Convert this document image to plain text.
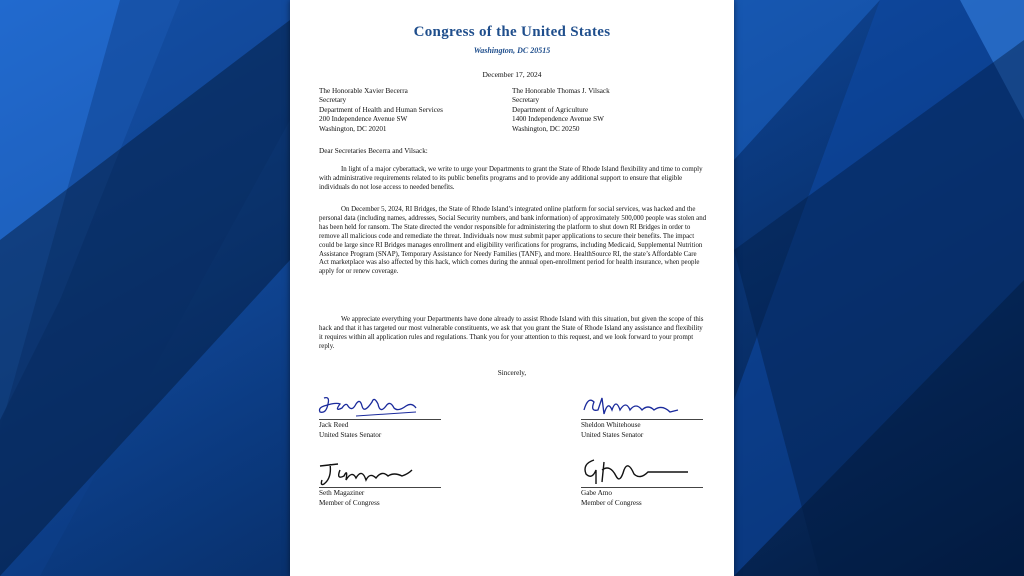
Congress of the United States
Washington, DC 20515
December 17, 2024
The Honorable Xavier Becerra
Secretary
Department of Health and Human Services
200 Independence Avenue SW
Washington, DC 20201
The Honorable Thomas J. Vilsack
Secretary
Department of Agriculture
1400 Independence Avenue SW
Washington, DC 20250
Dear Secretaries Becerra and Vilsack:

In light of a major cyberattack, we write to urge your Departments to grant the State of Rhode Island flexibility and time to comply with administrative requirements related to its public benefits programs and to provide any additional support to ensure that eligible individuals do not lose access to needed benefits.

On December 5, 2024, RI Bridges, the State of Rhode Island’s integrated online platform for social services, was hacked and the personal data (including names, addresses, Social Security numbers, and bank information) of approximately 500,000 people was stolen and has been held for ransom. The State directed the vendor responsible for administering the platform to shut down RI Bridges in order to remove all malicious code and remediate the threat. Individuals now must submit paper applications to secure their benefits. The impact could be large since RI Bridges manages enrollment and eligibility verifications for programs, including Medicaid, Supplemental Nutrition Assistance Program (SNAP), Temporary Assistance for Needy Families (TANF), and more. HealthSource RI, the state’s Affordable Care Act marketplace was also affected by this hack, which comes during the annual open-enrollment period for health insurance, when people apply for or renew coverage.

We appreciate everything your Departments have done already to assist Rhode Island with this situation, but given the scope of this hack and that it has targeted our most vulnerable constituents, we ask that you grant the State of Rhode Island any assistance and flexibility it requires within all application rules and regulations. Thank you for your attention to this request, and we look forward to your prompt reply.

Sincerely,
Jack Reed
United States Senator
Sheldon Whitehouse
United States Senator
Seth Magaziner
Member of Congress
Gabe Amo
Member of Congress
